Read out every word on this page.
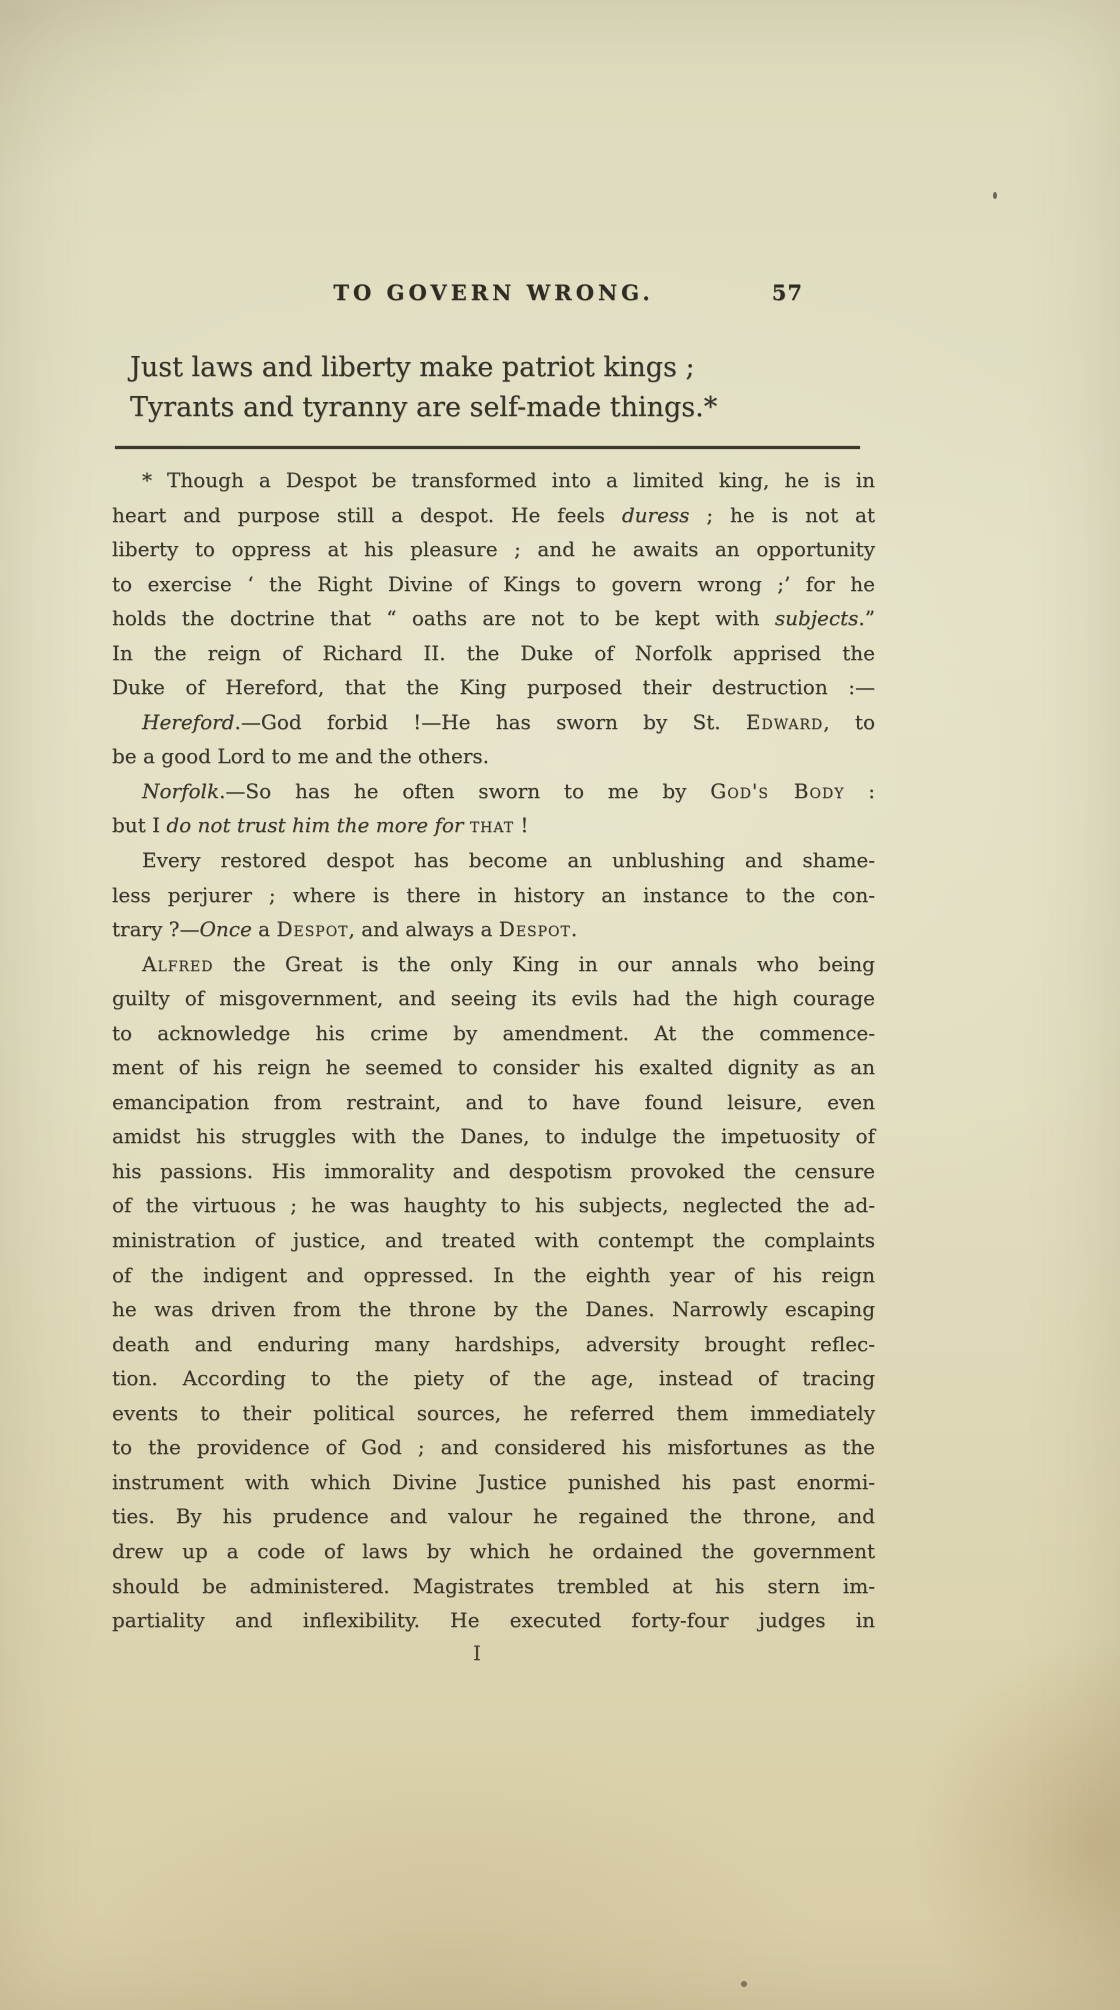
TO GOVERN WRONG.	57
Just laws and liberty make patriot kings ;
Tyrants and tyranny are self-made things.*
* Though a Despot be transformed into a limited king, he is in
heart and purpose still a despot. He feels duress ; he is not at
liberty to oppress at his pleasure ; and he awaits an opportunity
to exercise ‘ the Right Divine of Kings to govern wrong ;’ for he
holds the doctrine that “ oaths are not to be kept with subjects.”
In the reign of Richard II. the Duke of Norfolk apprised the
Duke of Hereford, that the King purposed their destruction :—
Hereford.—God forbid !—He has sworn by St. Edward, to
be a good Lord to me and the others.
Norfolk.—So has he often sworn to me by God's Body :
but I do not trust him the more for that !
Every restored despot has become an unblushing and shame-
less perjurer ; where is there in history an instance to the con-
trary ?—Once a Despot, and always a Despot.
Alfred the Great is the only King in our annals who being
guilty of misgovernment, and seeing its evils had the high courage
to acknowledge his crime by amendment. At the commence-
ment of his reign he seemed to consider his exalted dignity as an
emancipation from restraint, and to have found leisure, even
amidst his struggles with the Danes, to indulge the impetuosity of
his passions. His immorality and despotism provoked the censure
of the virtuous ; he was haughty to his subjects, neglected the ad-
ministration of justice, and treated with contempt the complaints
of the indigent and oppressed. In the eighth year of his reign
he was driven from the throne by the Danes. Narrowly escaping
death and enduring many hardships, adversity brought reflec-
tion. According to the piety of the age, instead of tracing
events to their political sources, he referred them immediately
to the providence of God ; and considered his misfortunes as the
instrument with which Divine Justice punished his past enormi-
ties. By his prudence and valour he regained the throne, and
drew up a code of laws by which he ordained the government
should be administered. Magistrates trembled at his stern im-
partiality and inflexibility. He executed forty-four judges in
I
